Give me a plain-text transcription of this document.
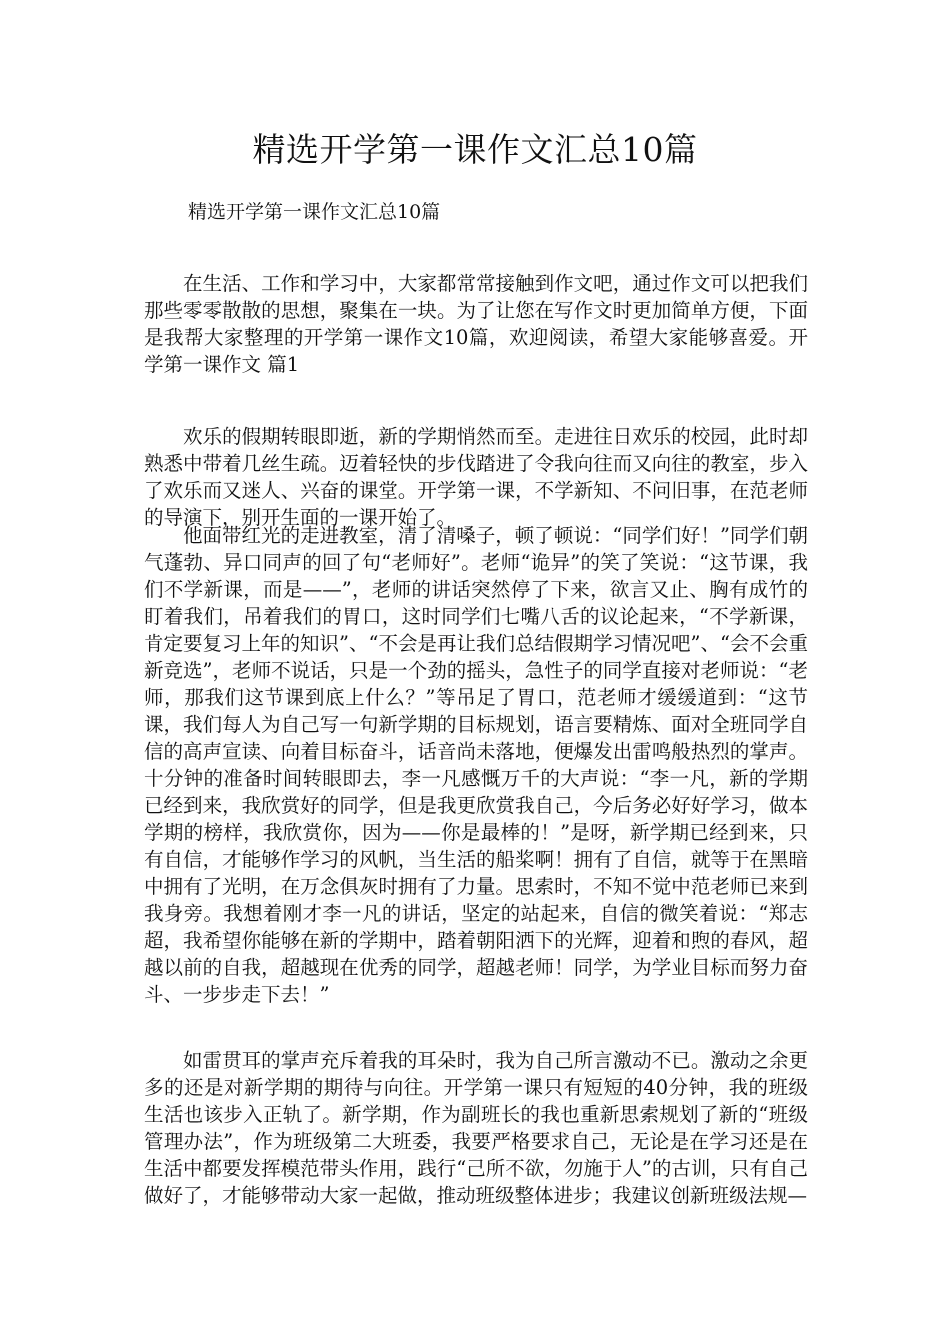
精选开学第一课作文汇总10篇

精选开学第一课作文汇总10篇

在生活、工作和学习中，大家都常常接触到作文吧，通过作文可以把我们那些零零散散的思想，聚集在一块。为了让您在写作文时更加简单方便，下面是我帮大家整理的开学第一课作文10篇，欢迎阅读，希望大家能够喜爱。开学第一课作文 篇1

欢乐的假期转眼即逝，新的学期悄然而至。走进往日欢乐的校园，此时却熟悉中带着几丝生疏。迈着轻快的步伐踏进了令我向往而又向往的教室，步入了欢乐而又迷人、兴奋的课堂。开学第一课，不学新知、不问旧事，在范老师的导演下，别开生面的一课开始了。

他面带红光的走进教室，清了清嗓子，顿了顿说：“同学们好！”同学们朝气蓬勃、异口同声的回了句“老师好”。老师“诡异”的笑了笑说：“这节课，我们不学新课，而是——”，老师的讲话突然停了下来，欲言又止、胸有成竹的盯着我们，吊着我们的胃口，这时同学们七嘴八舌的议论起来，“不学新课，肯定要复习上年的知识”、“不会是再让我们总结假期学习情况吧”、“会不会重新竞选”，老师不说话，只是一个劲的摇头，急性子的同学直接对老师说：“老师，那我们这节课到底上什么？”等吊足了胃口，范老师才缓缓道到：“这节课，我们每人为自己写一句新学期的目标规划，语言要精炼、面对全班同学自信的高声宣读、向着目标奋斗，话音尚未落地，便爆发出雷鸣般热烈的掌声。十分钟的准备时间转眼即去，李一凡感慨万千的大声说：“李一凡，新的学期已经到来，我欣赏好的同学，但是我更欣赏我自己，今后务必好好学习，做本学期的榜样，我欣赏你，因为——你是最棒的！”是呀，新学期已经到来，只有自信，才能够作学习的风帆，当生活的船桨啊！拥有了自信，就等于在黑暗中拥有了光明，在万念俱灰时拥有了力量。思索时，不知不觉中范老师已来到我身旁。我想着刚才李一凡的讲话，坚定的站起来，自信的微笑着说：“郑志超，我希望你能够在新的学期中，踏着朝阳洒下的光辉，迎着和煦的春风，超越以前的自我，超越现在优秀的同学，超越老师！同学，为学业目标而努力奋斗、一步步走下去！”

如雷贯耳的掌声充斥着我的耳朵时，我为自己所言激动不已。激动之余更多的还是对新学期的期待与向往。开学第一课只有短短的40分钟，我的班级生活也该步入正轨了。新学期，作为副班长的我也重新思索规划了新的“班级管理办法”，作为班级第二大班委，我要严格要求自己，无论是在学习还是在生活中都要发挥模范带头作用，践行“己所不欲，勿施于人”的古训，只有自己做好了，才能够带动大家一起做，推动班级整体进步；我建议创新班级法规—
